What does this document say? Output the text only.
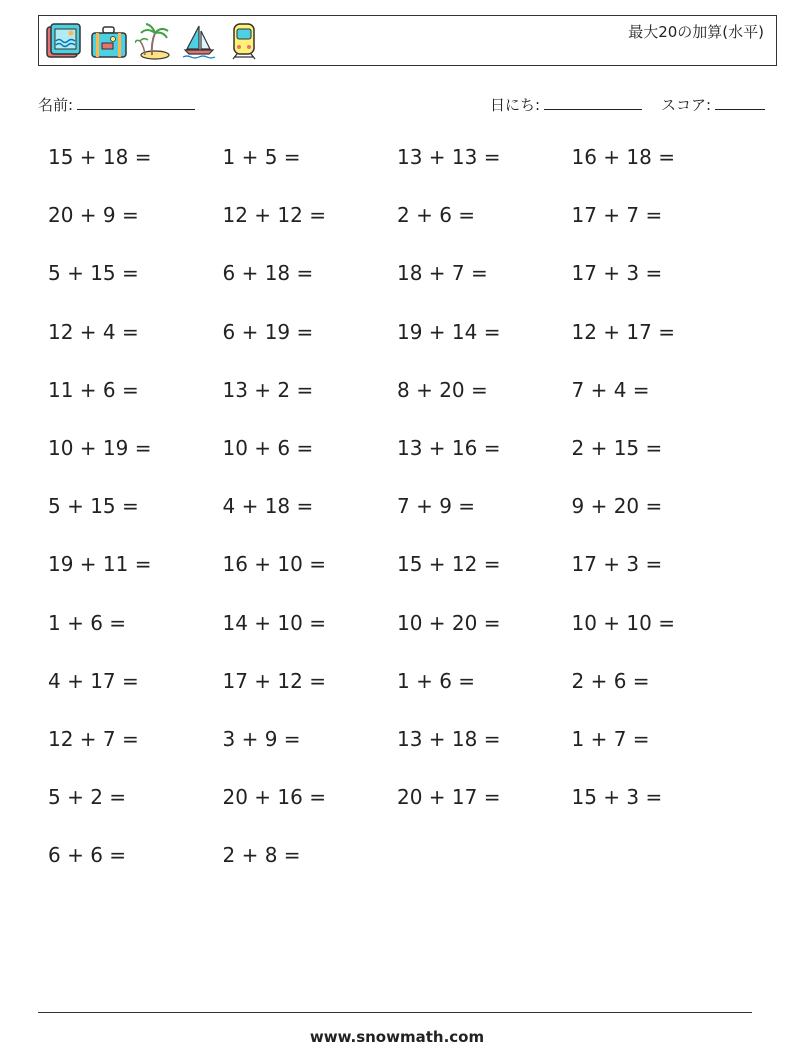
最大20の加算(水平)
名前:	日にち:	スコア:
15 + 18 =	1 + 5 =	13 + 13 =	16 + 18 =
20 + 9 =	12 + 12 =	2 + 6 =	17 + 7 =
5 + 15 =	6 + 18 =	18 + 7 =	17 + 3 =
12 + 4 =	6 + 19 =	19 + 14 =	12 + 17 =
11 + 6 =	13 + 2 =	8 + 20 =	7 + 4 =
10 + 19 =	10 + 6 =	13 + 16 =	2 + 15 =
5 + 15 =	4 + 18 =	7 + 9 =	9 + 20 =
19 + 11 =	16 + 10 =	15 + 12 =	17 + 3 =
1 + 6 =	14 + 10 =	10 + 20 =	10 + 10 =
4 + 17 =	17 + 12 =	1 + 6 =	2 + 6 =
12 + 7 =	3 + 9 =	13 + 18 =	1 + 7 =
5 + 2 =	20 + 16 =	20 + 17 =	15 + 3 =
6 + 6 =	2 + 8 =
www.snowmath.com
